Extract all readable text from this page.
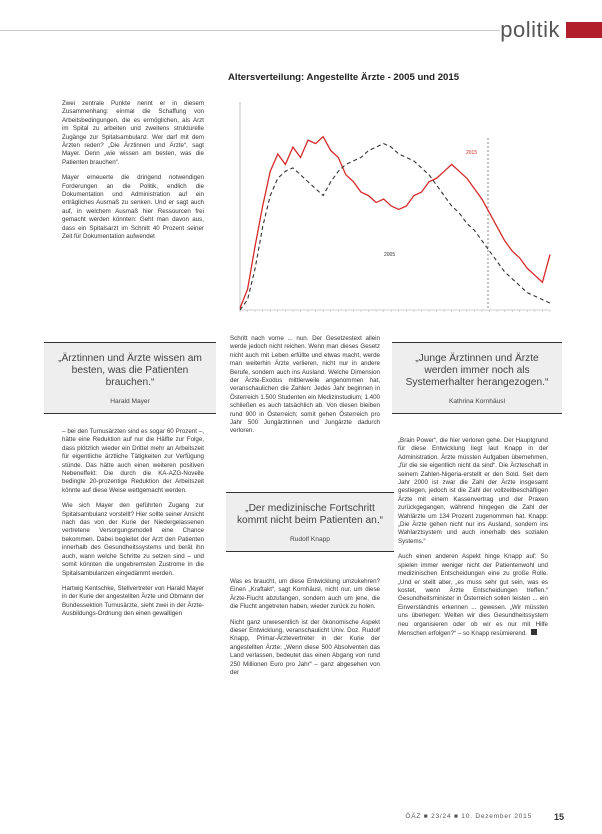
politik
Altersverteilung: Angestellte Ärzte - 2005 und 2015
2015
2005

Zwei zentrale Punkte nennt er in diesem Zusammenhang: einmal die Schaffung von Arbeitsbedingungen, die es ermöglichen, als Arzt im Spital zu arbeiten und zweitens strukturelle Zugänge zur Spitalsambulanz. Wer darf mit dem Ärzten reden? „Die Ärztinnen und Ärzte“, sagt Mayer. Denn „wie wissen am besten, was die Patienten brauchen“.

Mayer erneuerte die dringend notwendigen Forderungen an die Politik, endlich die Dokumentation und Administration auf ein erträgliches Ausmaß zu senken. Und er sagt auch auf, in welchem Ausmaß hier Ressourcen frei gemacht werden könnten: Geht man davon aus, dass ein Spitalsarzt im Schnitt 40 Prozent seiner Zeit für Dokumentation aufwendet

„Ärztinnen und Ärzte wissen am besten, was die Patienten brauchen.“
Harald Mayer

– bei den Turnusärzten sind es sogar 60 Prozent –, hätte eine Reduktion auf nur die Hälfte zur Folge, dass plötzlich wieder ein Drittel mehr an Arbeitszeit für eigentliche ärztliche Tätigkeiten zur Verfügung stünde. Das hätte auch einen weiteren positiven Nebeneffekt: Die durch die KA-AZG-Novelle bedingte 20-prozentige Reduktion der Arbeitszeit könnte auf diese Weise wettgemacht werden.

Wie sich Mayer den geführten Zugang zur Spitalsambulanz vorstellt? Hier sollte seiner Ansicht nach das von der Kurie der Niedergelassenen vertretene Versorgungsmodell eine Chance bekommen. Dabei begleitet der Arzt den Patienten innerhalb des Gesundheitssystems und berät ihn auch, wann welche Schritte zu setzen sind – und somit könnten die ungebremsten Zustrome in die Spitalsambulanzen eingedämmt werden.

Hartwig Kentschke, Stellvertreter von Harald Mayer in der Kurie der angestellten Ärzte und Obmann der Bundessektion Turnusärzte, sieht zwei in der Ärzte-Ausbildungs-Ordnung den einen gewaltigen

Schritt nach vorne ... nun. Der Gesetzestext allein werde jedoch nicht reichen. Wenn man dieses Gesetz nicht auch mit Leben erfüllte und etwas macht, werde man weiterhin Ärzte verlieren, nicht nur in andere Berufe, sondern auch ins Ausland. Welche Dimension der Ärzte-Exodus mittlerweile angenommen hat, veranschaulichen die Zahlen: Jedes Jahr beginnen in Österreich 1.500 Studenten ein Medizinstudium; 1.400 schließen es auch tatsächlich ab. Von diesen bleiben rund 900 in Österreich; somit gehen Österreich pro Jahr 500 Jungärztinnen und Jungärzte dadurch verloren.

„Der medizinische Fortschritt kommt nicht beim Patienten an.“
Rudolf Knapp

Was es braucht, um diese Entwicklung umzukehren? Einen „Kraftakt“, sagt Kornhäusl, nicht nur, um diese Ärzte-Flucht abzufangen, sondern auch um jene, die die Flucht angetreten haben, wieder zurück zu holen.

Nicht ganz unwesentlich ist der ökonomische Aspekt dieser Entwicklung, veranschaulicht Univ. Doz. Rudolf Knapp, Primar-Ärztevertreter in der Kurie der angestellten Ärzte: „Wenn diese 500 Absolventen das Land verlassen, bedeutet das einen Abgang von rund 250 Millionen Euro pro Jahr“ – ganz abgesehen von der

„Junge Ärztinnen und Ärzte werden immer noch als Systemerhalter herangezogen.“
Kathrina Kornhäusl

„Brain Power“, die hier verloren gehe. Der Hauptgrund für diese Entwicklung liegt laut Knapp in der Administration. Ärzte müssten Aufgaben übernehmen, „für die sie eigentlich nicht da sind“. Die Ärzteschaft in seinem Zahlen-Nigeria-erstellt er den Sold. Seit dem Jahr 2000 ist zwar die Zahl der Ärzte insgesamt gestiegen, jedoch ist die Zahl der vollzeitbeschäftigen Ärzte mit einem Kassenvertrag und der Praxen zurückgegangen, während hingegen die Zahl der Wahlärzte um 134 Prozent zugenommen hat. Knapp: „Die Ärzte gehen nicht nur ins Ausland, sondern ins Wahlarztsystem und auch innerhalb des sozialen Systems.“

Auch einen anderen Aspekt hinge Knapp auf: So spielen immer weniger nicht der Patientenwohl und medizinischen Entscheidungen eine zu große Rolle. „Und er stellt aber, „es muss sehr gut sein, was es kostet, wenn Ärzte Entscheidungen treffen.“ Gesundheitsminister in Österreich sollen leisten ... ein Einverständnis erkennen ... gewesen. „Wir müssten uns überlegen: Welten wir dies Gesundheitssystem neu organisieren oder ob wir es nur mit Hilfe Menschen erfolgen?“ – so Knapp resümierend.

ÖÄZ ■ 23/24 ■ 10. Dezember 2015 15
